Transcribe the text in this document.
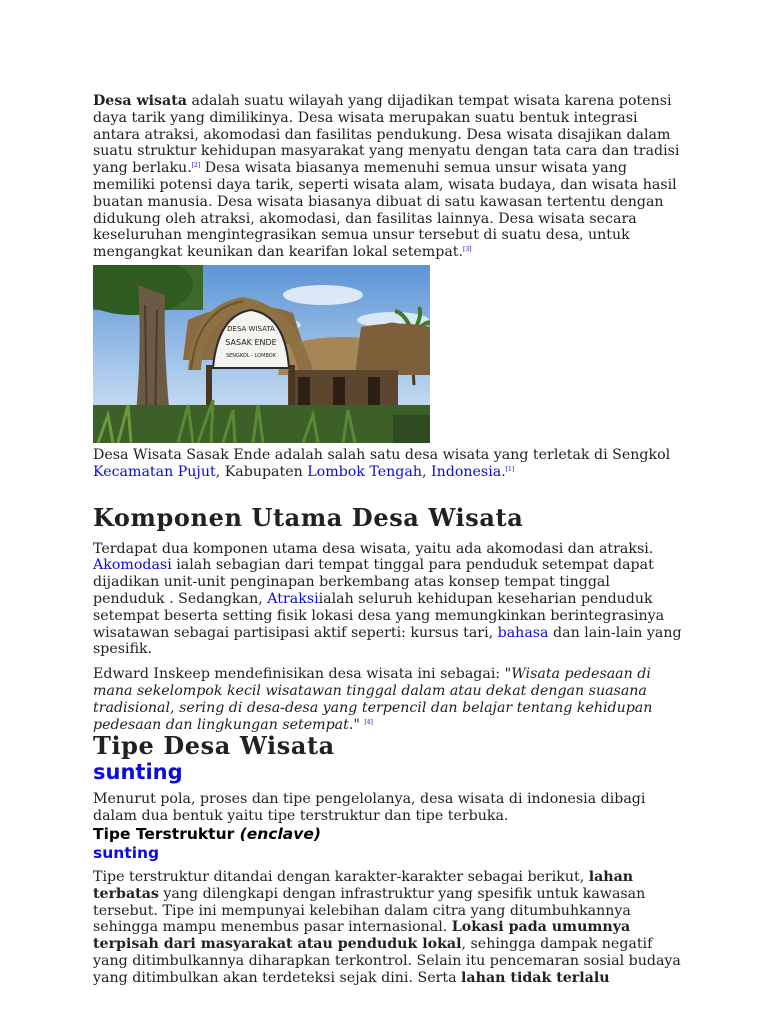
Desa wisata adalah suatu wilayah yang dijadikan tempat wisata karena potensi daya tarik yang dimilikinya. Desa wisata merupakan suatu bentuk integrasi antara atraksi, akomodasi dan fasilitas pendukung. Desa wisata disajikan dalam suatu struktur kehidupan masyarakat yang menyatu dengan tata cara dan tradisi yang berlaku.[2] Desa wisata biasanya memenuhi semua unsur wisata yang memiliki potensi daya tarik, seperti wisata alam, wisata budaya, dan wisata hasil buatan manusia. Desa wisata biasanya dibuat di satu kawasan tertentu dengan didukung oleh atraksi, akomodasi, dan fasilitas lainnya. Desa wisata secara keseluruhan mengintegrasikan semua unsur tersebut di suatu desa, untuk mengangkat keunikan dan kearifan lokal setempat.[3]

DESA WISATA
SASAK ENDE
SENGKOL - LOMBOK

Desa Wisata Sasak Ende adalah salah satu desa wisata yang terletak di Sengkol Kecamatan Pujut, Kabupaten Lombok Tengah, Indonesia.[1]

Komponen Utama Desa Wisata

Terdapat dua komponen utama desa wisata, yaitu ada akomodasi dan atraksi. Akomodasi ialah sebagian dari tempat tinggal para penduduk setempat dapat dijadikan unit-unit penginapan berkembang atas konsep tempat tinggal penduduk . Sedangkan, Atraksiialah seluruh kehidupan keseharian penduduk setempat beserta setting fisik lokasi desa yang memungkinkan berintegrasinya wisatawan sebagai partisipasi aktif seperti: kursus tari, bahasa dan lain-lain yang spesifik.

Edward Inskeep mendefinisikan desa wisata ini sebagai: "Wisata pedesaan di mana sekelompok kecil wisatawan tinggal dalam atau dekat dengan suasana tradisional, sering di desa-desa yang terpencil dan belajar tentang kehidupan pedesaan dan lingkungan setempat." [4]

Tipe Desa Wisata
sunting

Menurut pola, proses dan tipe pengelolanya, desa wisata di indonesia dibagi dalam dua bentuk yaitu tipe terstruktur dan tipe terbuka.

Tipe Terstruktur (enclave)
sunting

Tipe terstruktur ditandai dengan karakter-karakter sebagai berikut, lahan terbatas yang dilengkapi dengan infrastruktur yang spesifik untuk kawasan tersebut. Tipe ini mempunyai kelebihan dalam citra yang ditumbuhkannya sehingga mampu menembus pasar internasional. Lokasi pada umumnya terpisah dari masyarakat atau penduduk lokal, sehingga dampak negatif yang ditimbulkannya diharapkan terkontrol. Selain itu pencemaran sosial budaya yang ditimbulkan akan terdeteksi sejak dini. Serta lahan tidak terlalu
